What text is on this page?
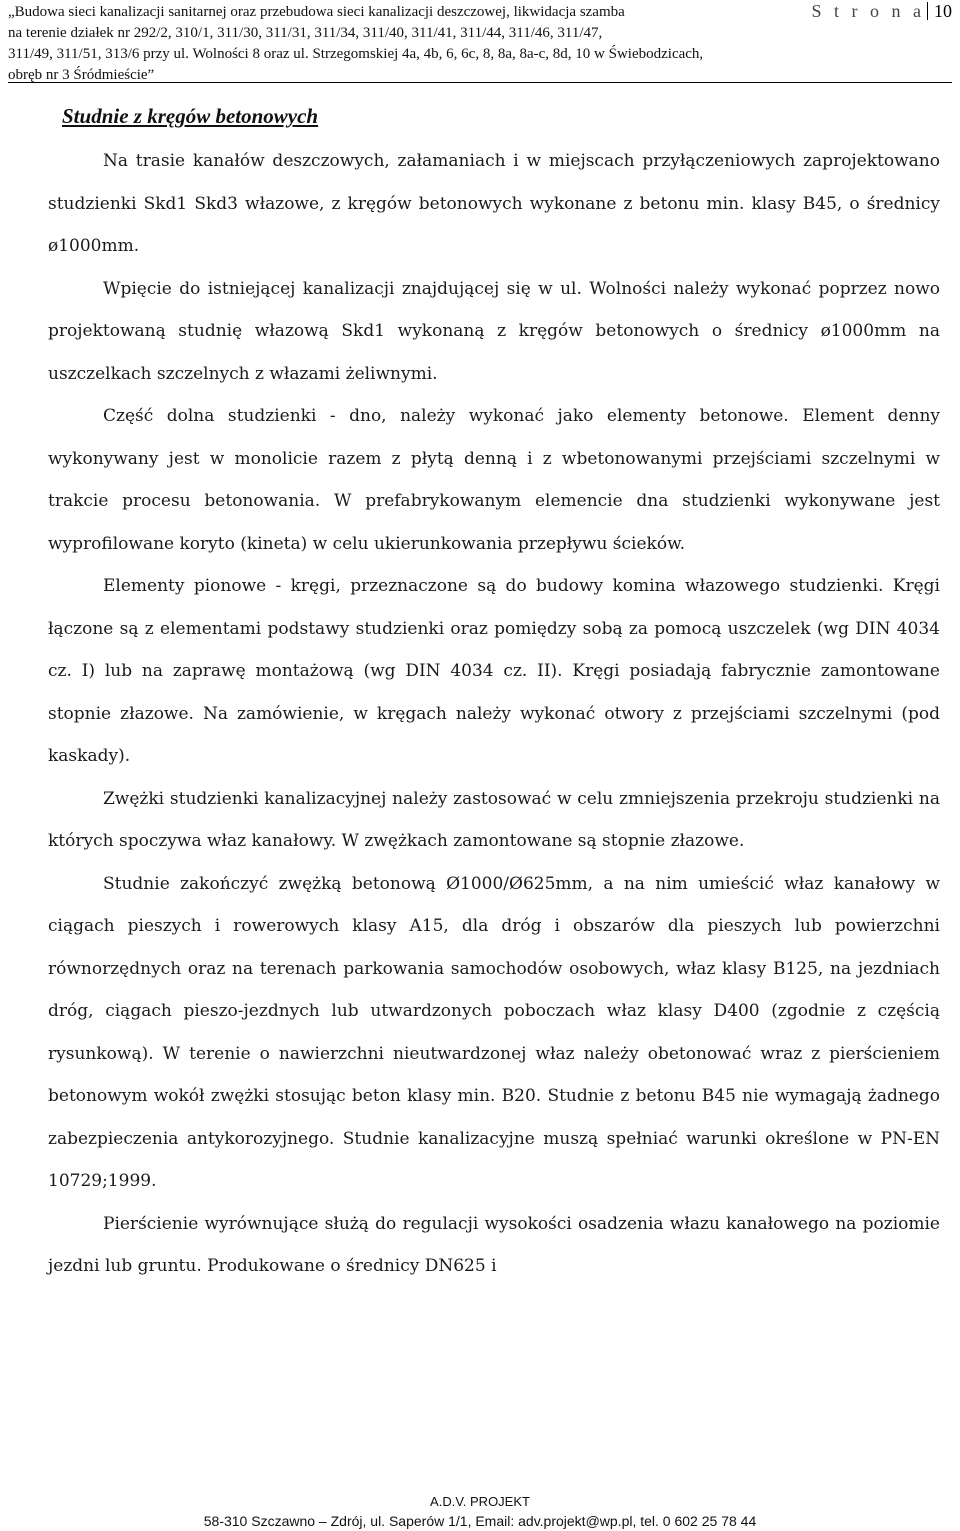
„Budowa sieci kanalizacji sanitarnej oraz przebudowa sieci kanalizacji deszczowej, likwidacja szamba
na terenie działek nr 292/2, 310/1, 311/30, 311/31, 311/34, 311/40, 311/41, 311/44, 311/46, 311/47,
311/49, 311/51, 313/6 przy ul. Wolności 8 oraz ul. Strzegomskiej 4a, 4b, 6, 6c, 8, 8a, 8a-c, 8d, 10 w Świebodzicach,
obręb nr 3 Śródmieście”
S t r o n a 10
Studnie z kręgów betonowych

Na trasie kanałów deszczowych, załamaniach i w miejscach przyłączeniowych zaprojektowano studzienki Skd1 Skd3 włazowe, z kręgów betonowych wykonane z betonu min. klasy B45, o średnicy ø1000mm.

Wpięcie do istniejącej kanalizacji znajdującej się w ul. Wolności należy wykonać poprzez nowo projektowaną studnię włazową Skd1 wykonaną z kręgów betonowych o średnicy ø1000mm na uszczelkach szczelnych z włazami żeliwnymi.

Część dolna studzienki - dno, należy wykonać jako elementy betonowe. Element denny wykonywany jest w monolicie razem z płytą denną i z wbetonowanymi przejściami szczelnymi w trakcie procesu betonowania. W prefabrykowanym elemencie dna studzienki wykonywane jest wyprofilowane koryto (kineta) w celu ukierunkowania przepływu ścieków.

Elementy pionowe - kręgi, przeznaczone są do budowy komina włazowego studzienki. Kręgi łączone są z elementami podstawy studzienki oraz pomiędzy sobą za pomocą uszczelek (wg DIN 4034 cz. I) lub na zaprawę montażową (wg DIN 4034 cz. II). Kręgi posiadają fabrycznie zamontowane stopnie złazowe. Na zamówienie, w kręgach należy wykonać otwory z przejściami szczelnymi (pod kaskady).

Zwężki studzienki kanalizacyjnej należy zastosować w celu zmniejszenia przekroju studzienki na których spoczywa właz kanałowy. W zwężkach zamontowane są stopnie złazowe.

Studnie zakończyć zwężką betonową Ø1000/Ø625mm, a na nim umieścić właz kanałowy w ciągach pieszych i rowerowych klasy A15, dla dróg i obszarów dla pieszych lub powierzchni równorzędnych oraz na terenach parkowania samochodów osobowych, właz klasy B125, na jezdniach dróg, ciągach pieszo-jezdnych lub utwardzonych poboczach właz klasy D400 (zgodnie z częścią rysunkową). W terenie o nawierzchni nieutwardzonej właz należy obetonować wraz z pierścieniem betonowym wokół zwężki stosując beton klasy min. B20. Studnie z betonu B45 nie wymagają żadnego zabezpieczenia antykorozyjnego. Studnie kanalizacyjne muszą spełniać warunki określone w PN-EN 10729;1999.

Pierścienie wyrównujące służą do regulacji wysokości osadzenia włazu kanałowego na poziomie jezdni lub gruntu. Produkowane o średnicy DN625 i

A.D.V. PROJEKT
58-310 Szczawno – Zdrój, ul. Saperów 1/1, Email: adv.projekt@wp.pl, tel. 0 602 25 78 44
